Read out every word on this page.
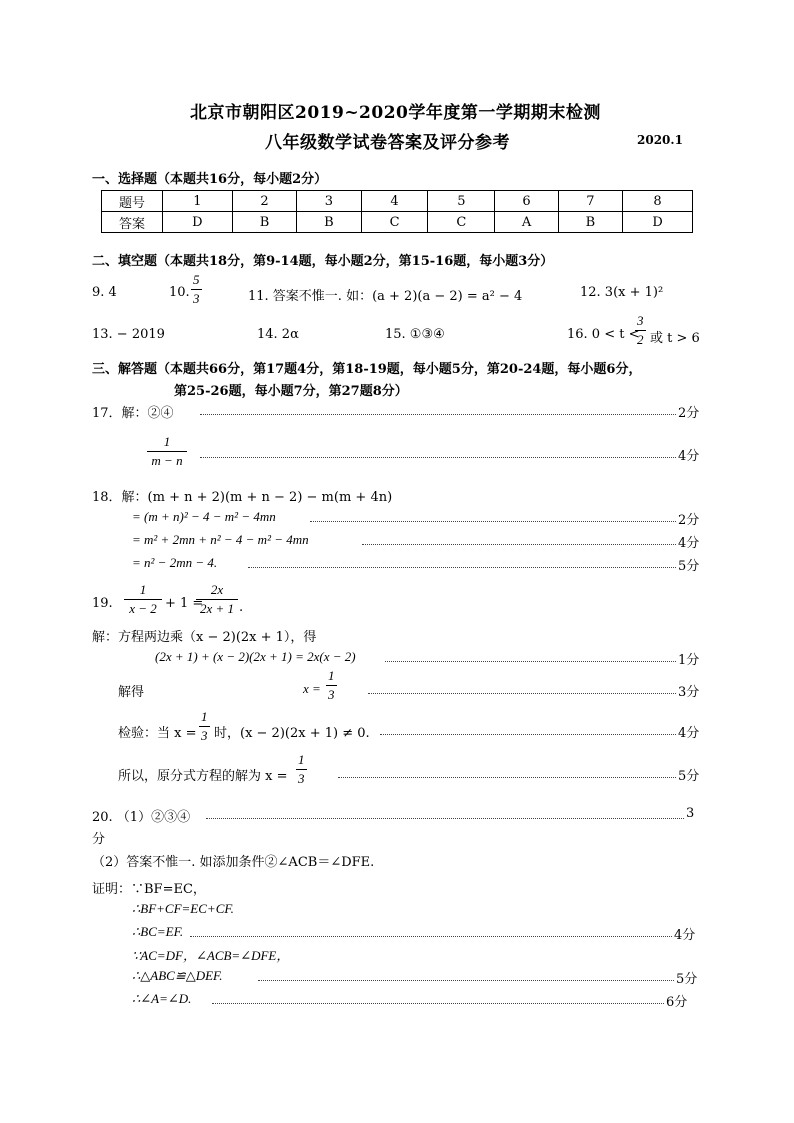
北京市朝阳区2019~2020学年度第一学期期末检测
八年级数学试卷答案及评分参考	2020.1
一、选择题（本题共16分，每小题2分）
题号	1	2	3	4	5	6	7	8
答案	D	B	B	C	C	A	B	D
二、填空题（本题共18分，第9-14题，每小题2分，第15-16题，每小题3分）
9. 4	10.
5
3	11. 答案不惟一. 如：(a + 2)(a − 2) = a² − 4	12. 3(x + 1)²
13. − 2019	14. 2α	15. ①③④	16. 0 < t <
3
2 或 t > 6
三、解答题（本题共66分，第17题4分，第18-19题，每小题5分，第20-24题，每小题6分，
第25-26题，每小题7分，第27题8分）
17．解：②④	2分
1
m − n	4分
18．解：(m + n + 2)(m + n − 2) − m(m + 4n)
= (m + n)² − 4 − m² − 4mn	2分
= m² + 2mn + n² − 4 − m² − 4mn	4分
= n² − 2mn − 4.	5分
19.
1
x − 2 + 1 =
2x
2x + 1 .
解：方程两边乘（x − 2)(2x + 1），得
(2x + 1) + (x − 2)(2x + 1) = 2x(x − 2)	1分
解得	x =
1
3	3分
检验：当 x =
1
3 时，(x − 2)(2x + 1) ≠ 0.	4分
所以，原分式方程的解为 x =
1
3	5分
20. （1）②③④	3
分
（2）答案不惟一. 如添加条件②∠ACB＝∠DFE.
证明：∵BF=EC，
∴BF+CF=EC+CF.
∴BC=EF.	4分
∵AC=DF，∠ACB=∠DFE，
∴△ABC≌△DEF.	5分
∴∠A=∠D.	6分
